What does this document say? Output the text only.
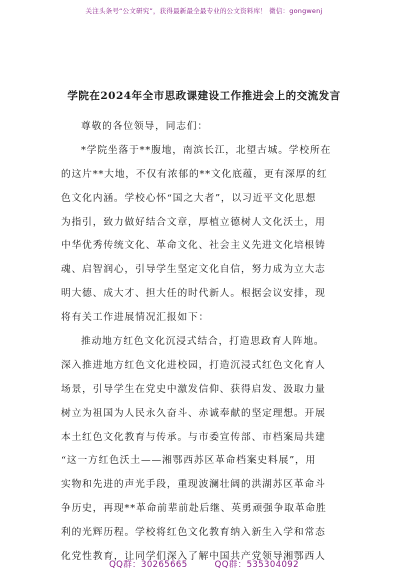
关注头条号“公文研究”，获得最新最全最专业的公文资料库！ 微信：gongwenj
学院在2024年全市思政课建设工作推进会上的交流发言
尊敬的各位领导，同志们：
*学院坐落于**腹地，南滨长江，北望古城。学校所在
的这片**大地，不仅有浓郁的**文化底蕴，更有深厚的红
色文化内涵。学校心怀“国之大者”，以习近平文化思想
为指引，致力做好结合文章，厚植立德树人文化沃土，用
中华优秀传统文化、革命文化、社会主义先进文化培根铸
魂、启智润心，引导学生坚定文化自信，努力成为立大志
明大德、成大才、担大任的时代新人。根据会议安排，现
将有关工作进展情况汇报如下：
推动地方红色文化沉浸式结合，打造思政育人阵地。
深入推进地方红色文化进校园，打造沉浸式红色文化育人
场景，引导学生在党史中激发信仰、获得启发、汲取力量
树立为祖国为人民永久奋斗、赤诚奉献的坚定理想。开展
本土红色文化教育与传承。与市委宣传部、市档案局共建
“这一方红色沃土——湘鄂西苏区革命档案史料展”，用
实物和先进的声光手段，重现波澜壮阔的洪湖苏区革命斗
争历史，再现**革命前辈前赴后继、英勇顽强争取革命胜
利的光辉历程。学校将红色文化教育纳入新生入学和常态
化党性教育，让同学们深入了解中国共产党领导湘鄂西人
QQ群：30265665	QQ群：535304092
